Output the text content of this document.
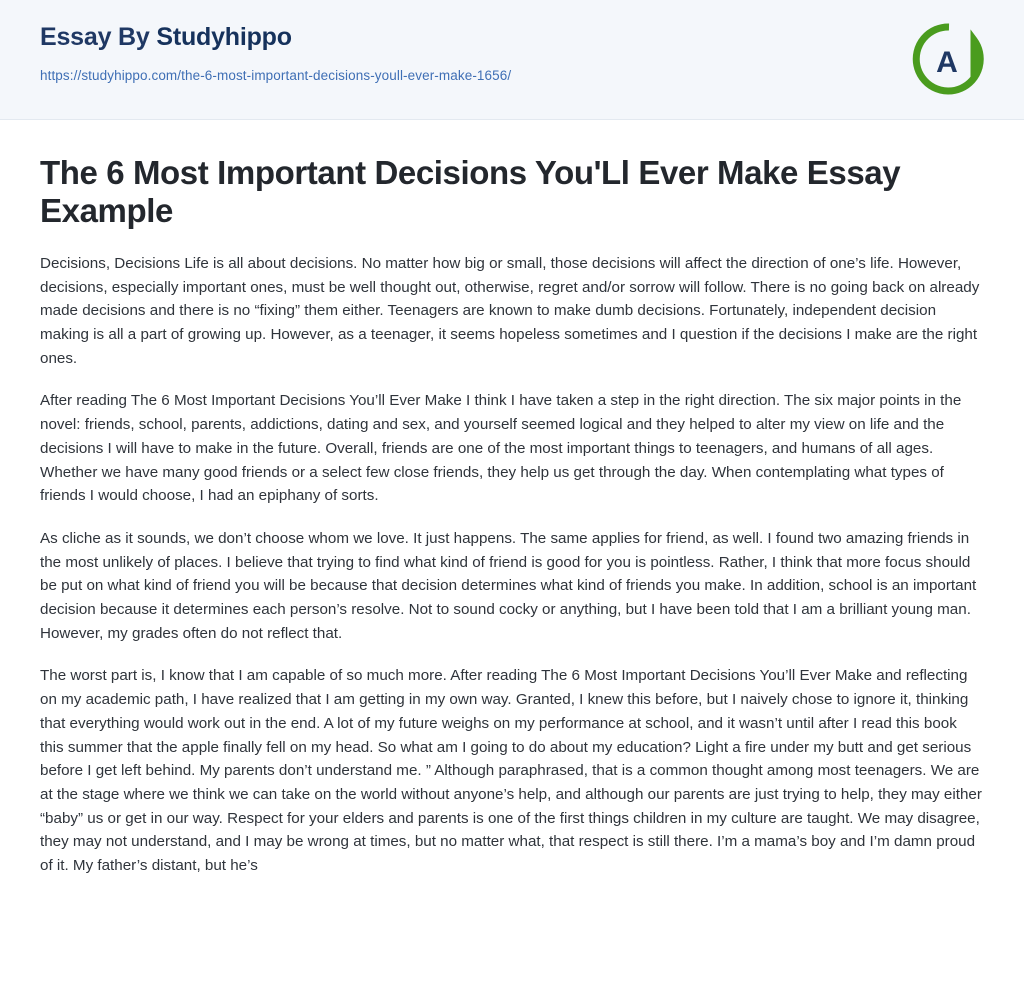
Essay By Studyhippo
https://studyhippo.com/the-6-most-important-decisions-youll-ever-make-1656/	A
The 6 Most Important Decisions You'Ll Ever Make Essay Example

Decisions, Decisions Life is all about decisions. No matter how big or small, those decisions will affect the direction of one’s life. However, decisions, especially important ones, must be well thought out, otherwise, regret and/or sorrow will follow. There is no going back on already made decisions and there is no “fixing” them either. Teenagers are known to make dumb decisions. Fortunately, independent decision making is all a part of growing up. However, as a teenager, it seems hopeless sometimes and I question if the decisions I make are the right ones.

After reading The 6 Most Important Decisions You’ll Ever Make I think I have taken a step in the right direction. The six major points in the novel: friends, school, parents, addictions, dating and sex, and yourself seemed logical and they helped to alter my view on life and the decisions I will have to make in the future. Overall, friends are one of the most important things to teenagers, and humans of all ages. Whether we have many good friends or a select few close friends, they help us get through the day. When contemplating what types of friends I would choose, I had an epiphany of sorts.

As cliche as it sounds, we don’t choose whom we love. It just happens. The same applies for friend, as well. I found two amazing friends in the most unlikely of places. I believe that trying to find what kind of friend is good for you is pointless. Rather, I think that more focus should be put on what kind of friend you will be because that decision determines what kind of friends you make. In addition, school is an important decision because it determines each person’s resolve. Not to sound cocky or anything, but I have been told that I am a brilliant young man. However, my grades often do not reflect that.

The worst part is, I know that I am capable of so much more. After reading The 6 Most Important Decisions You’ll Ever Make and reflecting on my academic path, I have realized that I am getting in my own way. Granted, I knew this before, but I naively chose to ignore it, thinking that everything would work out in the end. A lot of my future weighs on my performance at school, and it wasn’t until after I read this book this summer that the apple finally fell on my head. So what am I going to do about my education? Light a fire under my butt and get serious before I get left behind. My parents don’t understand me. ” Although paraphrased, that is a common thought among most teenagers. We are at the stage where we think we can take on the world without anyone’s help, and although our parents are just trying to help, they may either “baby” us or get in our way. Respect for your elders and parents is one of the first things children in my culture are taught. We may disagree, they may not understand, and I may be wrong at times, but no matter what, that respect is still there. I’m a mama’s boy and I’m damn proud of it. My father’s distant, but he’s
